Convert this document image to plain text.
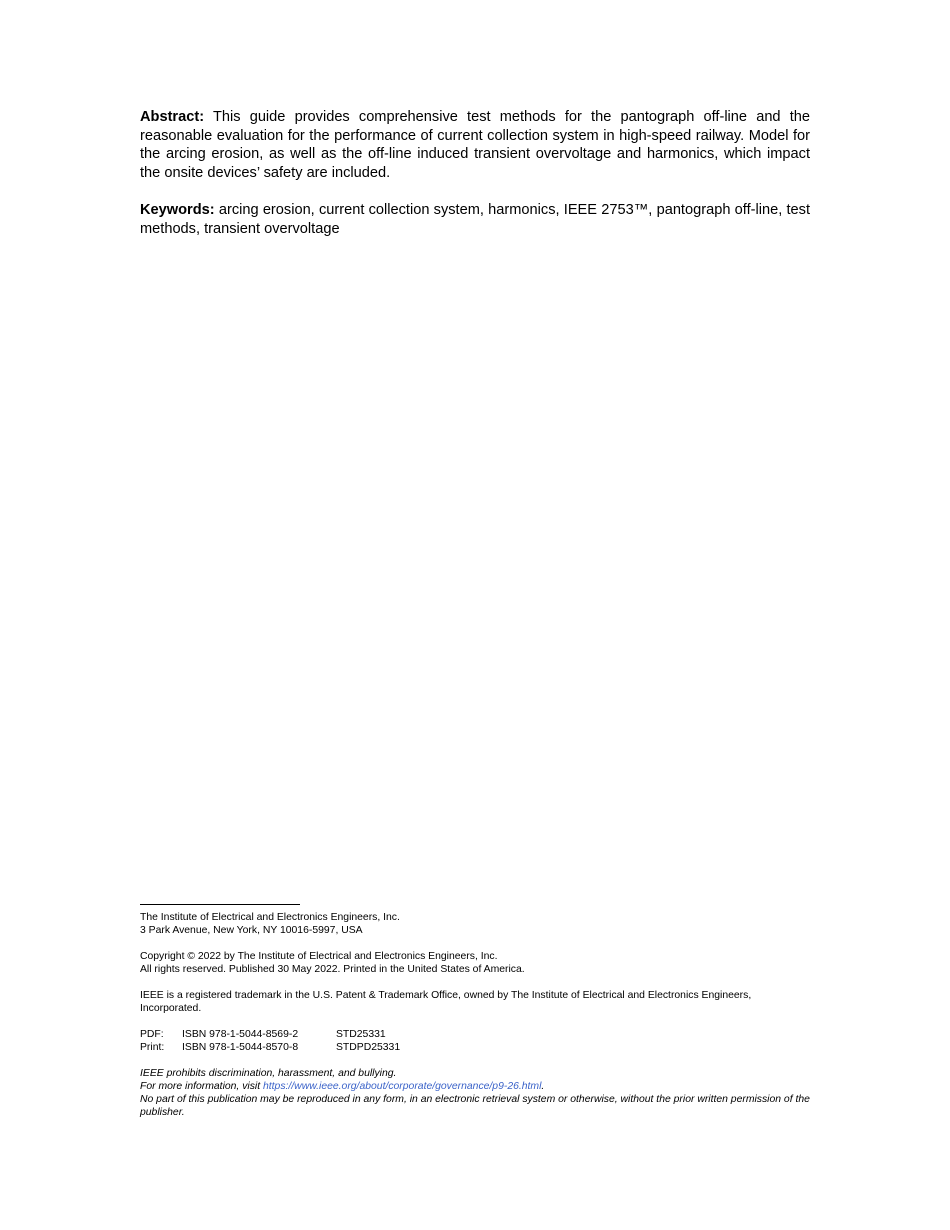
Abstract: This guide provides comprehensive test methods for the pantograph off-line and the reasonable evaluation for the performance of current collection system in high-speed railway. Model for the arcing erosion, as well as the off-line induced transient overvoltage and harmonics, which impact the onsite devices’ safety are included.

Keywords: arcing erosion, current collection system, harmonics, IEEE 2753™, pantograph off-line, test methods, transient overvoltage

The Institute of Electrical and Electronics Engineers, Inc.
3 Park Avenue, New York, NY 10016-5997, USA
Copyright © 2022 by The Institute of Electrical and Electronics Engineers, Inc.
All rights reserved. Published 30 May 2022. Printed in the United States of America.
IEEE is a registered trademark in the U.S. Patent & Trademark Office, owned by The Institute of Electrical and Electronics Engineers, Incorporated.
PDF:	ISBN 978-1-5044-8569-2	STD25331
Print:	ISBN 978-1-5044-8570-8	STDPD25331
IEEE prohibits discrimination, harassment, and bullying.
For more information, visit https://www.ieee.org/about/corporate/governance/p9-26.html.
No part of this publication may be reproduced in any form, in an electronic retrieval system or otherwise, without the prior written permission of the publisher.
